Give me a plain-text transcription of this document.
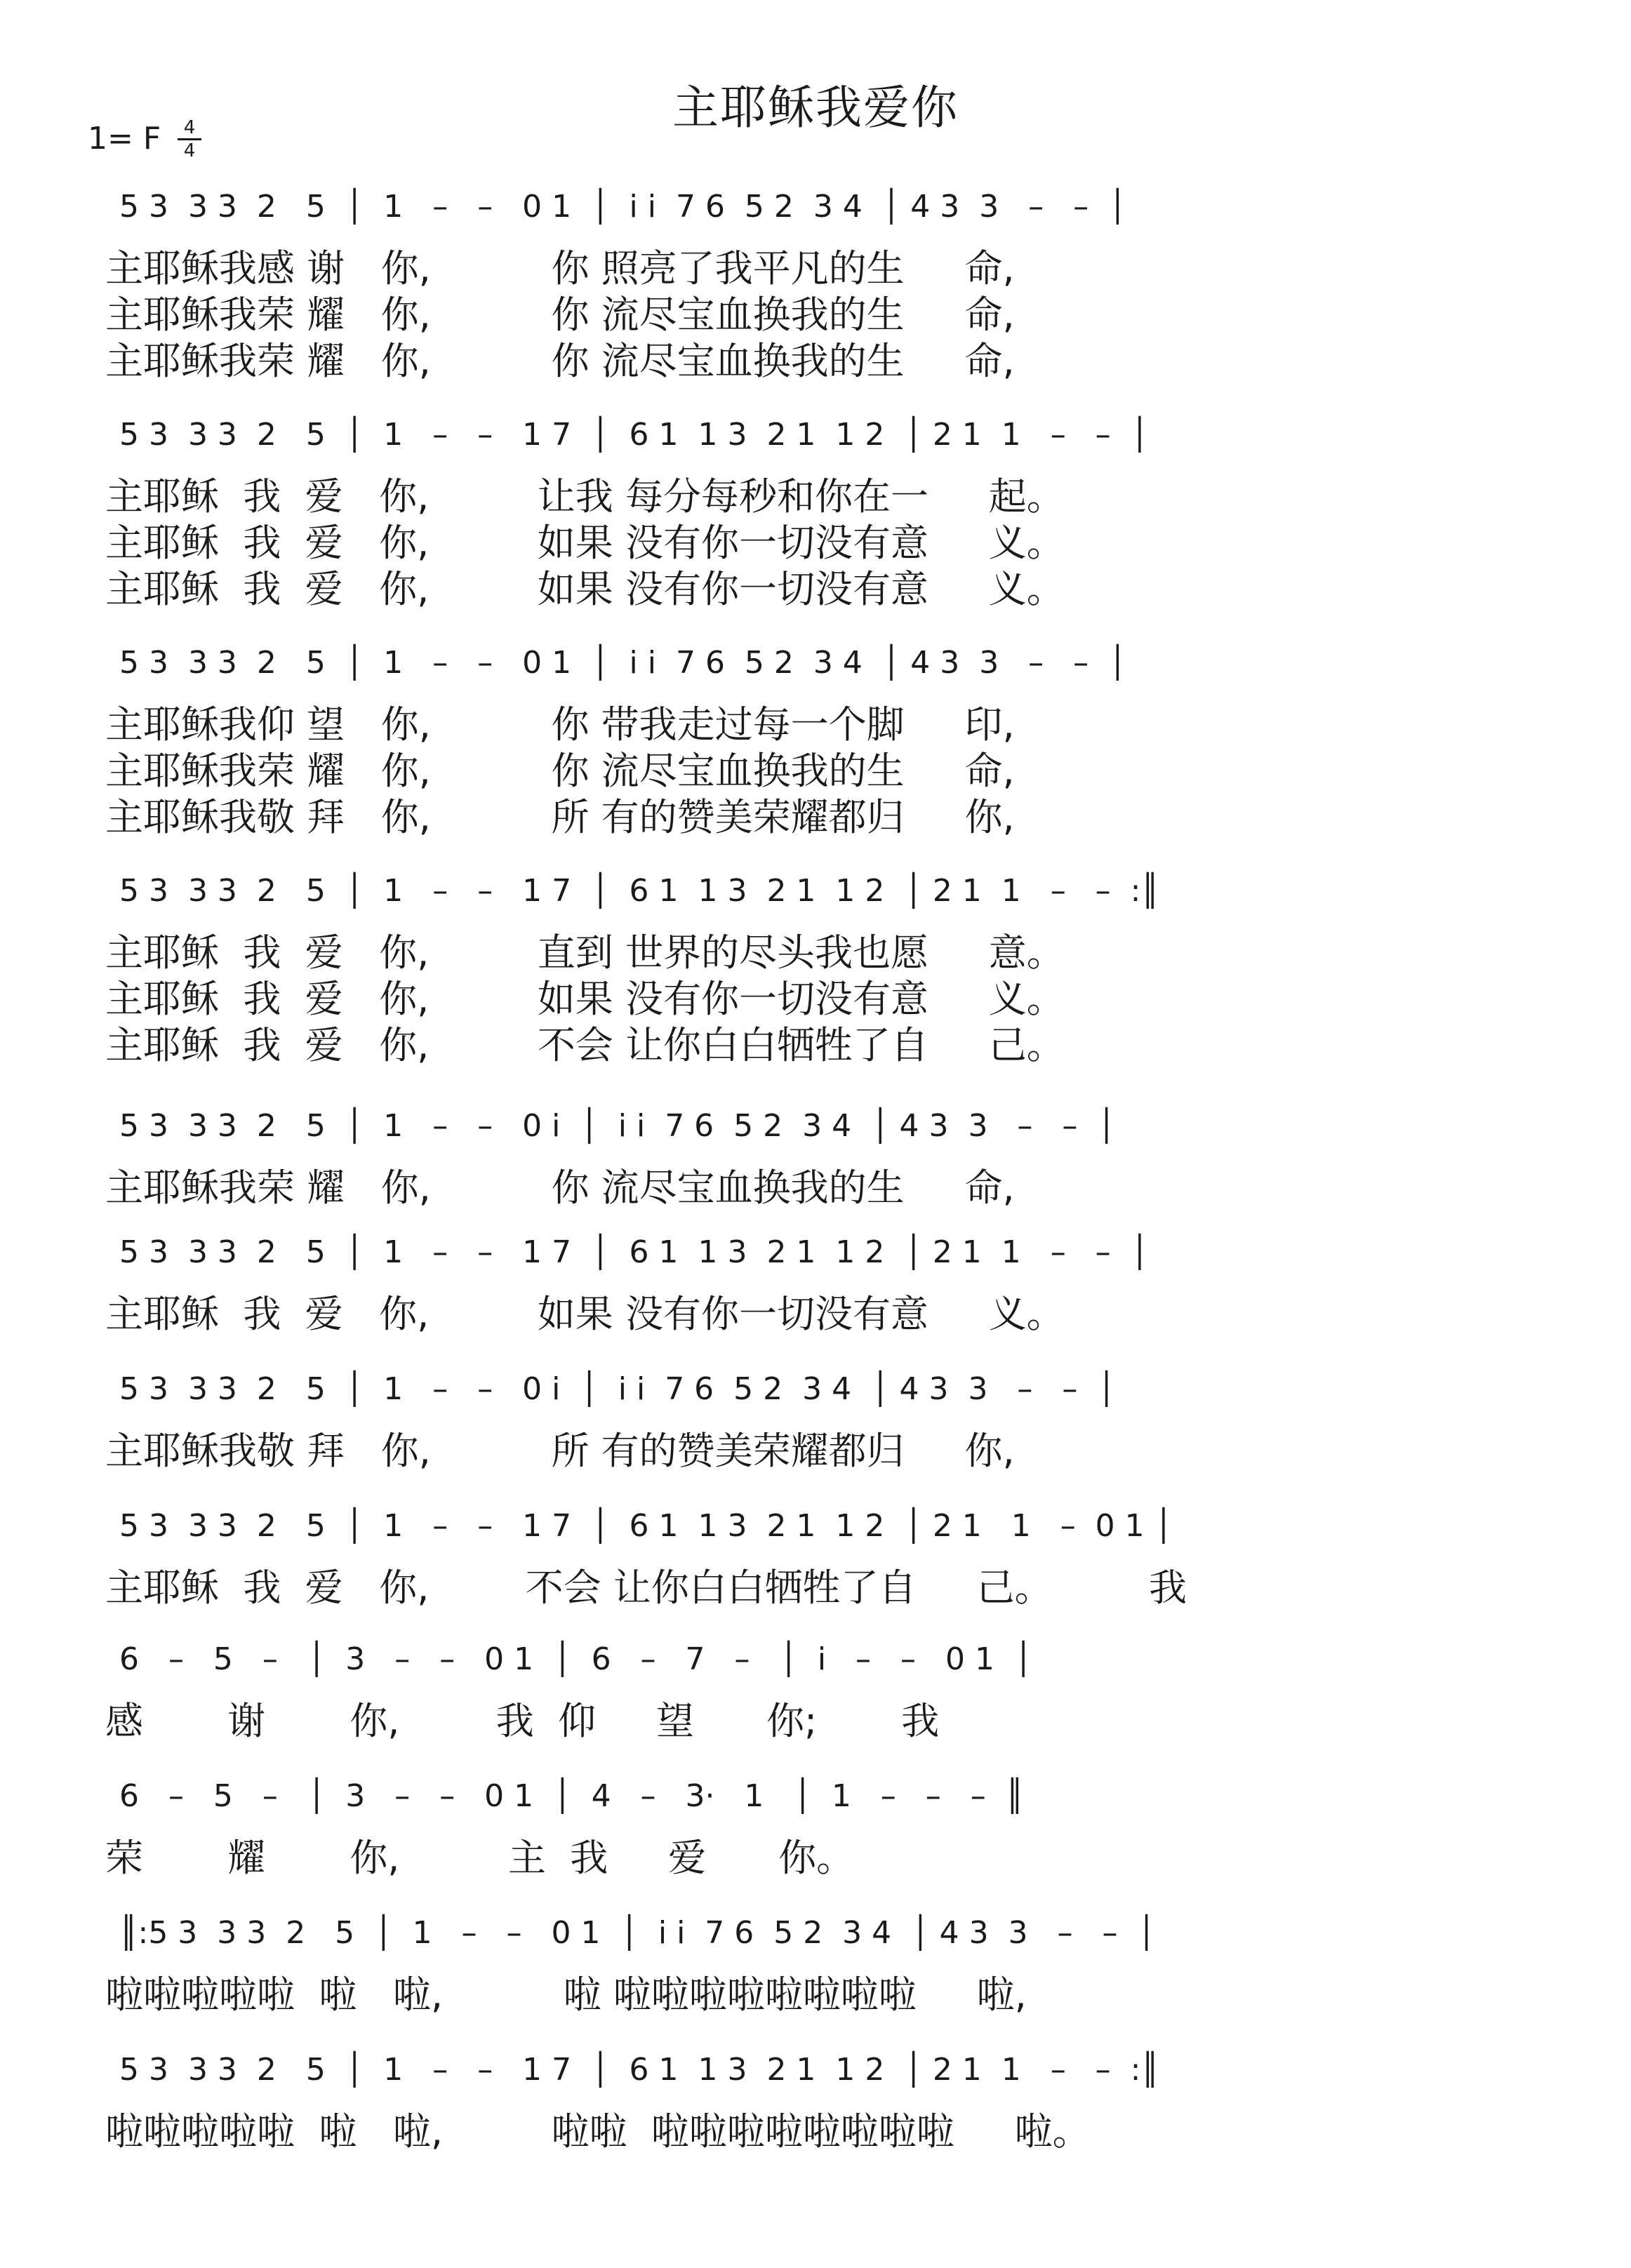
主耶稣我爱你
1= F	4
4
5 3  3 3  2   5  │  1   –   –   0 1  │  i i  7 6  5 2  3 4  │ 4 3  3   –   –  │
主耶稣我感 谢   你,          你 照亮了我平凡的生     命,
主耶稣我荣 耀   你,          你 流尽宝血换我的生     命,
主耶稣我荣 耀   你,          你 流尽宝血换我的生     命,
5 3  3 3  2   5  │  1   –   –   1 7  │  6 1  1 3  2 1  1 2  │ 2 1  1   –   –  │
主耶稣  我  爱   你,         让我 每分每秒和你在一     起。
主耶稣  我  爱   你,         如果 没有你一切没有意     义。
主耶稣  我  爱   你,         如果 没有你一切没有意     义。
5 3  3 3  2   5  │  1   –   –   0 1  │  i i  7 6  5 2  3 4  │ 4 3  3   –   –  │
主耶稣我仰 望   你,          你 带我走过每一个脚     印,
主耶稣我荣 耀   你,          你 流尽宝血换我的生     命,
主耶稣我敬 拜   你,          所 有的赞美荣耀都归     你,
5 3  3 3  2   5  │  1   –   –   1 7  │  6 1  1 3  2 1  1 2  │ 2 1  1   –   –  :║
主耶稣  我  爱   你,         直到 世界的尽头我也愿     意。
主耶稣  我  爱   你,         如果 没有你一切没有意     义。
主耶稣  我  爱   你,         不会 让你白白牺牲了自     己。
5 3  3 3  2   5  │  1   –   –   0 i  │  i i  7 6  5 2  3 4  │ 4 3  3   –   –  │
主耶稣我荣 耀   你,          你 流尽宝血换我的生     命,
5 3  3 3  2   5  │  1   –   –   1 7  │  6 1  1 3  2 1  1 2  │ 2 1  1   –   –  │
主耶稣  我  爱   你,         如果 没有你一切没有意     义。
5 3  3 3  2   5  │  1   –   –   0 i  │  i i  7 6  5 2  3 4  │ 4 3  3   –   –  │
主耶稣我敬 拜   你,          所 有的赞美荣耀都归     你,
5 3  3 3  2   5  │  1   –   –   1 7  │  6 1  1 3  2 1  1 2  │ 2 1   1   –  0 1 │
主耶稣  我  爱   你,        不会 让你白白牺牲了自     己。        我
6   –   5   –   │  3   –   –   0 1  │  6   –   7   –   │  i   –   –   0 1  │
感       谢       你,        我  仰     望      你;       我
6   –   5   –   │  3   –   –   0 1  │  4   –   3·   1   │  1   –   –   –  ║
荣       耀       你,         主  我     爱      你。
║:5 3  3 3  2   5  │  1   –   –   0 1  │  i i  7 6  5 2  3 4  │ 4 3  3   –   –  │
啦啦啦啦啦  啦   啦,          啦 啦啦啦啦啦啦啦啦     啦,
5 3  3 3  2   5  │  1   –   –   1 7  │  6 1  1 3  2 1  1 2  │ 2 1  1   –   –  :║
啦啦啦啦啦  啦   啦,         啦啦  啦啦啦啦啦啦啦啦     啦。
